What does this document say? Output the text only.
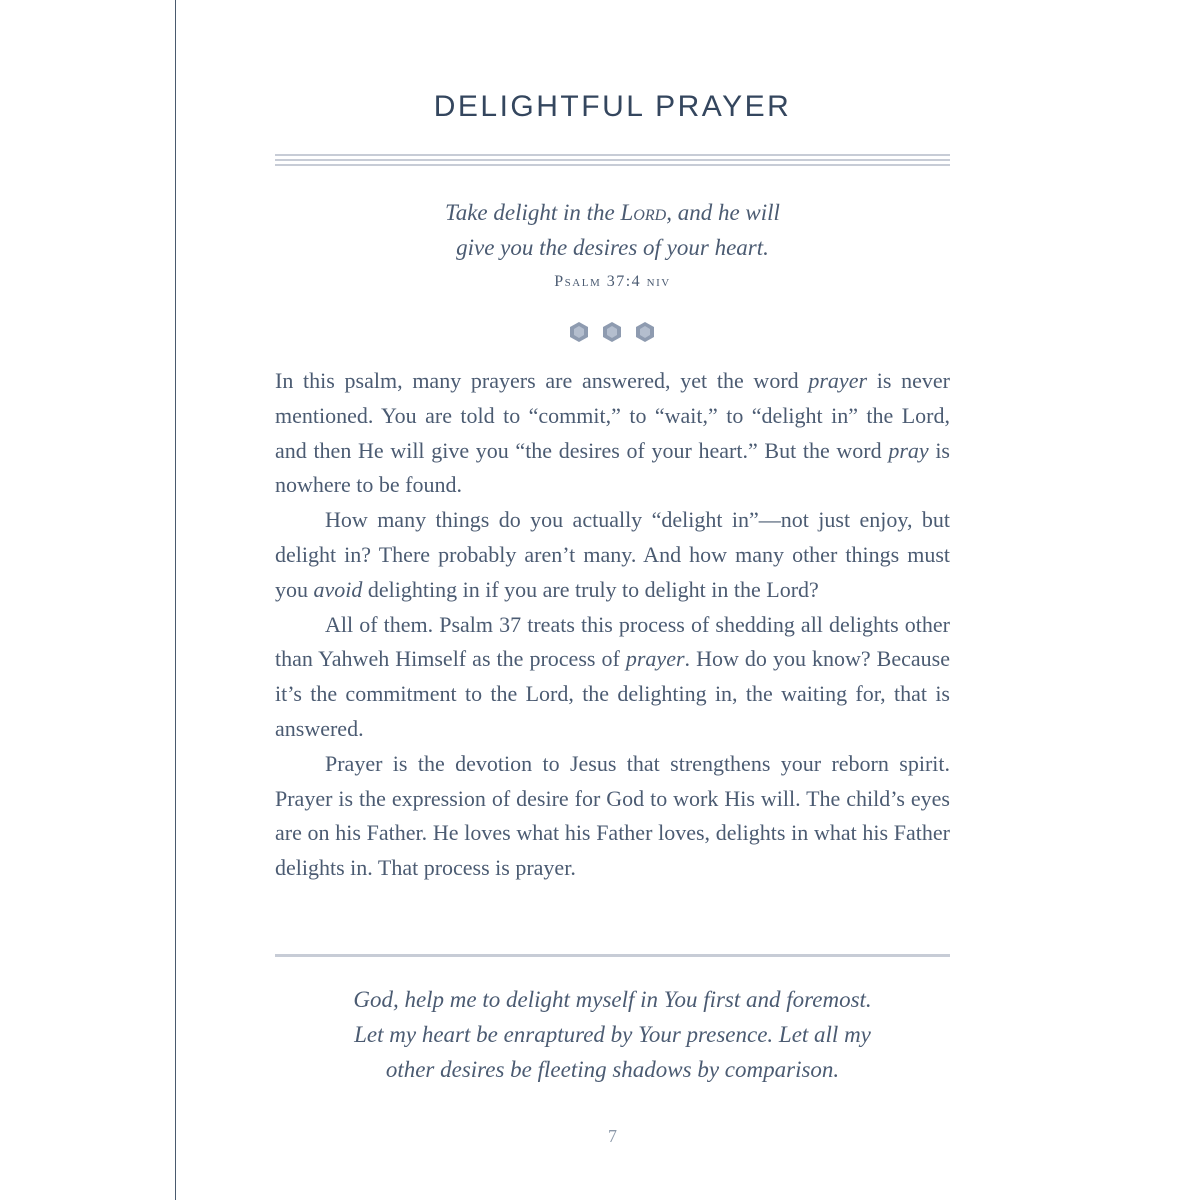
DELIGHTFUL PRAYER
Take delight in the Lord, and he will
give you the desires of your heart.
Psalm 37:4 niv

In this psalm, many prayers are answered, yet the word prayer is never mentioned. You are told to “commit,” to “wait,” to “delight in” the Lord, and then He will give you “the desires of your heart.” But the word pray is nowhere to be found.

How many things do you actually “delight in”—not just enjoy, but delight in? There probably aren’t many. And how many other things must you avoid delighting in if you are truly to delight in the Lord?

All of them. Psalm 37 treats this process of shedding all delights other than Yahweh Himself as the process of prayer. How do you know? Because it’s the commitment to the Lord, the delighting in, the waiting for, that is answered.

Prayer is the devotion to Jesus that strengthens your reborn spirit. Prayer is the expression of desire for God to work His will. The child’s eyes are on his Father. He loves what his Father loves, delights in what his Father delights in. That process is prayer.

God, help me to delight myself in You first and foremost.
Let my heart be enraptured by Your presence. Let all my
other desires be fleeting shadows by comparison.
7
